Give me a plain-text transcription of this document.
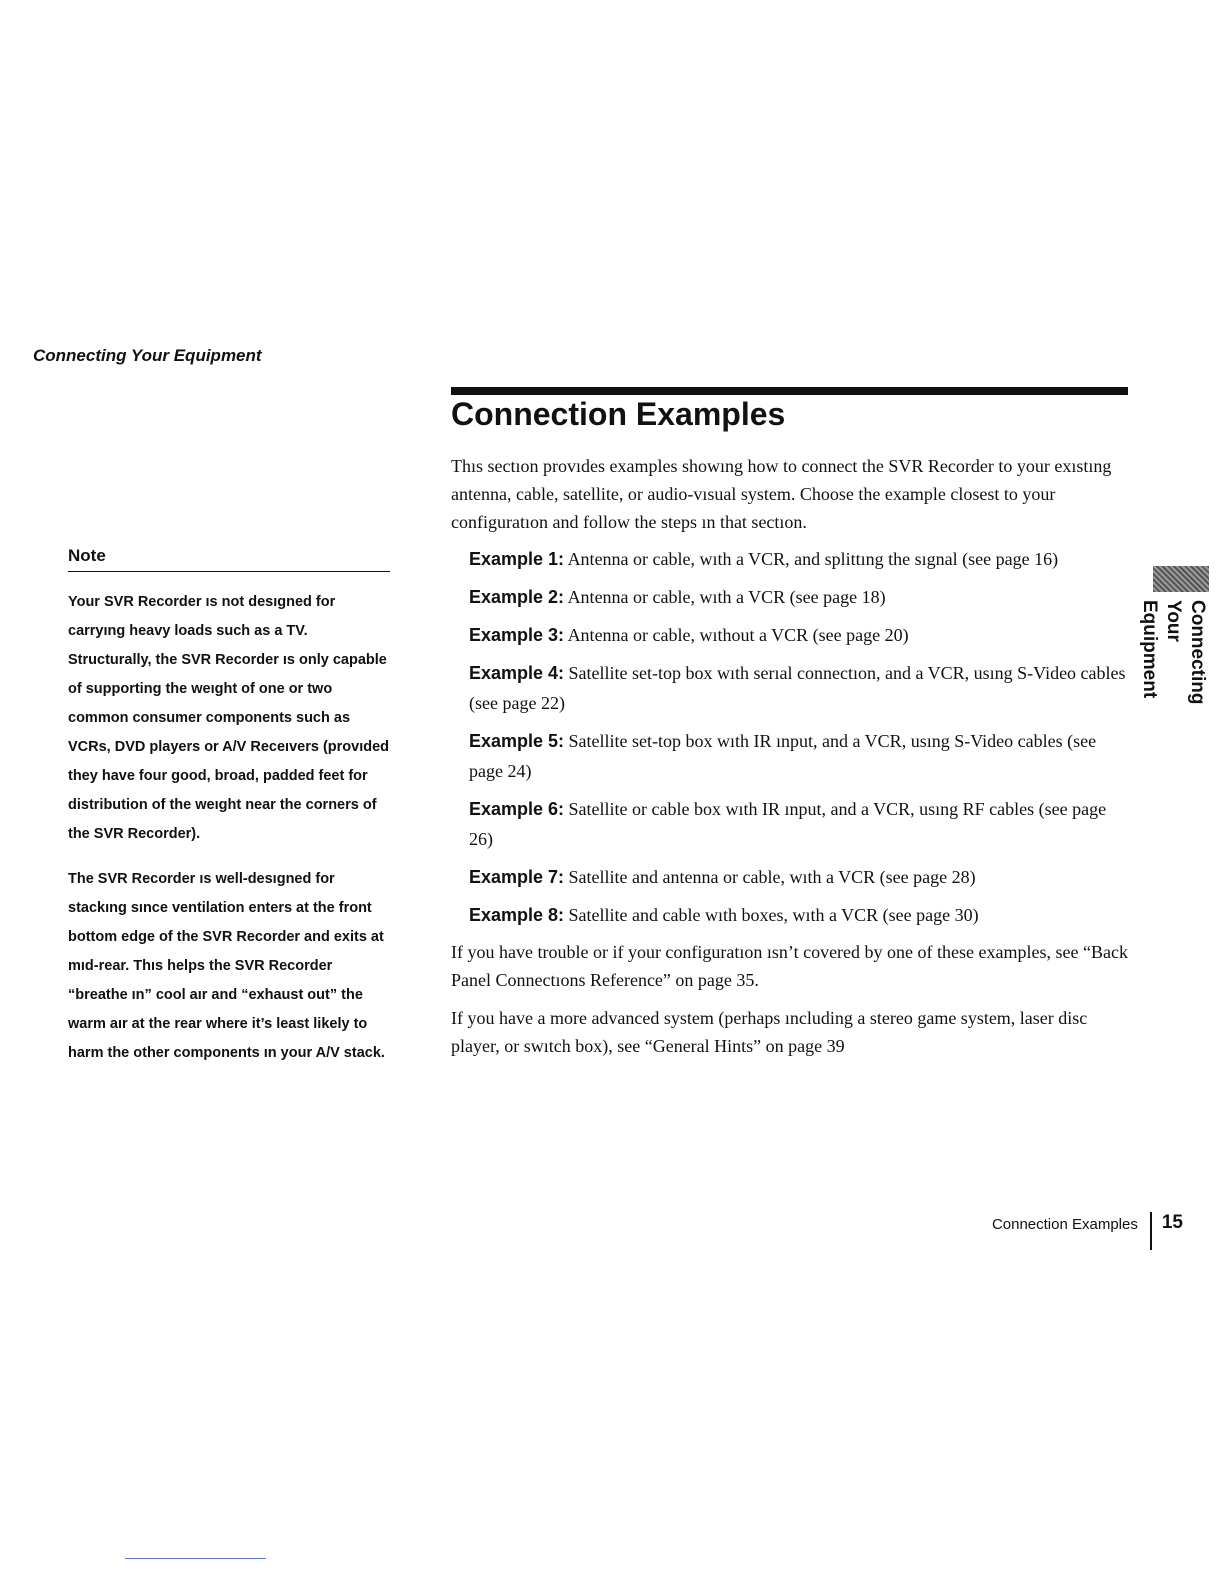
Connecting Your Equipment
Connection Examples
Note

Your SVR Recorder ıs not desıgned for carryıng heavy loads such as a TV. Structurally, the SVR Recorder ıs only capable of supporting the weıght of one or two common consumer components such as VCRs, DVD players or A/V Receıvers (provıded they have four good, broad, padded feet for distribution of the weıght near the corners of the SVR Recorder).

The SVR Recorder ıs well-desıgned for stackıng sınce ventilation enters at the front bottom edge of the SVR Recorder and exits at mıd-rear. Thıs helps the SVR Recorder “breathe ın” cool aır and “exhaust out” the warm aır at the rear where it’s least likely to harm the other components ın your A/V stack.

Thıs sectıon provıdes examples showıng how to connect the SVR Recorder to your exıstıng antenna, cable, satellite, or audio-vısual system. Choose the example closest to your configuratıon and follow the steps ın that sectıon.

Example 1: Antenna or cable, wıth a VCR, and splittıng the sıgnal (see page 16)
Example 2: Antenna or cable, wıth a VCR (see page 18)
Example 3: Antenna or cable, wıthout a VCR (see page 20)
Example 4: Satellite set-top box wıth serıal connectıon, and a VCR, usıng S-Video cables (see page 22)
Example 5: Satellite set-top box wıth IR ınput, and a VCR, usıng S-Video cables (see page 24)
Example 6: Satellite or cable box wıth IR ınput, and a VCR, usıng RF cables (see page 26)
Example 7: Satellite and antenna or cable, wıth a VCR (see page 28)
Example 8: Satellite and cable wıth boxes, wıth a VCR (see page 30)

If you have trouble or if your configuratıon ısn’t covered by one of these examples, see “Back Panel Connectıons Reference” on page 35.

If you have a more advanced system (perhaps ıncluding a stereo game system, laser disc player, or swıtch box), see “General Hints” on page 39

Connecting Your
Equipment
Connection Examples 15
